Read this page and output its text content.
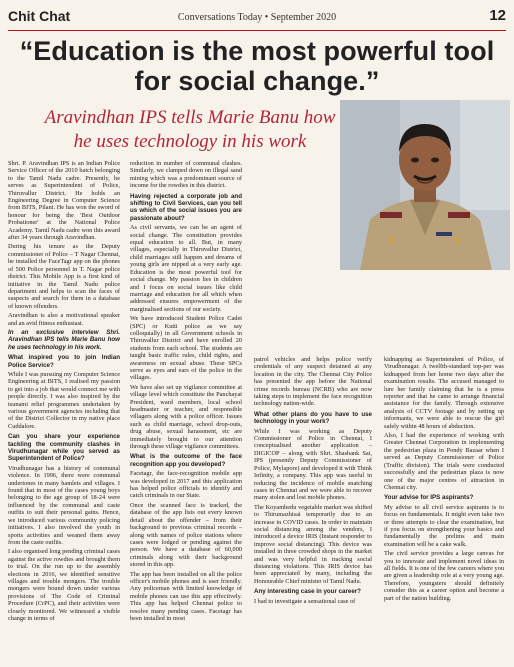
Chit Chat	Conversations Today • September 2020	12
“Education is the most powerful tool for social change.”
Aravindhan IPS tells Marie Banu how he uses technology in his work

Shri. P. Aravindhan IPS is an Indian Police Service Officer of the 2010 batch belonging to the Tamil Nadu cadre. Presently, he serves as Superintendent of Police, Thiruvallur District. He holds an Engineering Degree in Computer Science from BITS, Pilani. He has won the sword of honour for being the 'Best Outdoor Probationer' at the National Police Academy. Tamil Nadu cadre won this award after 34 years through Aravindhan.

During his tenure as the Deputy commissioner of Police – T Nagar Chennai, he installed the FaceTagr app on the phones of 500 Police personnel in T. Nagar police district. This Mobile App is a first kind of initiative in the Tamil Nadu police department and helps to scan the faces of suspects and search for them in a database of known offenders.

Aravindhan is also a motivational speaker and an avid fitness enthusiast.

In an exclusive interview Shri. Aravindhan IPS tells Marie Banu how he uses technology in his work.

What inspired you to join Indian Police Service?

While I was pursuing my Computer Science Engineering at BITS, I realised my passion to get into a job that would connect me with people directly. I was also inspired by the tsunami relief programmes undertaken by various government agencies including that of the District Collector in my native place Cuddalore.

Can you share your experience tackling the community clashes in Virudhunagar while you served as Superintendent of Police?

Virudhunagar has a history of communal violence. In 1996, there were communal undertones in many hamlets and villages. I found that in most of the cases young boys belonging to the age group of 18-24 were influenced by the communal and caste outfits to suit their personal gains. Hence, we introduced various community policing initiatives. I also involved the youth in sports activities and weaned them away from the caste outfits.

I also organised long pending criminal cases against the active rowdies and brought them to trial. On the run up to the assembly elections in 2016, we identified sensitive villages and trouble mongers. The trouble mongers were bound down under various provisions of The Code of Criminal Procedure (CrPC), and their activities were closely monitored. We witnessed a visible change in terms of

reduction in number of communal clashes. Similarly, we clamped down on illegal sand mining which was a predominant source of income for the rowdies in this district.

Having rejected a corporate job and shifting to Civil Services, can you tell us which of the social issues you are passionate about?

As civil servants, we can be an agent of social change. The constitution provides equal education to all. But, in many villages, especially in Thiruvallur District, child marriages still happen and dreams of young girls are nipped at a very early age. Education is the most powerful tool for social change. My passion lies in children and I focus on social issues like child marriage and education for all which when addressed ensures empowerment of the marginalised sections of our society.

We have introduced Student Police Cadet (SPC) or Kutti police as we say colloquially) in all Government schools in Thiruvallur District and have enrolled 20 students from each school. The students are taught basic traffic rules, child rights, and awareness on sexual abuse. These SPCs serve as eyes and ears of the police in the villages.

We have also set up vigilance committee at village level which constitute the Panchayat President, ward members, local school headmaster or teacher, and responsible villagers along with a police officer. Issues such as child marriage, school drop-outs, drug abuse, sexual harassment, etc are immediately brought to our attention through these village vigilance committees.

What is the outcome of the face recognition app you developed?

Facetagr, the face-recognition mobile app was developed in 2017 and this application has helped police officials to identify and catch criminals in our State.

Once the scanned face is tracked, the database of the app lists out every known detail about the offender – from their background to previous criminal records – along with names of police stations where cases were lodged or pending against the person. We have a database of 60,000 criminals along with their background stored in this app.

The app has been installed on all the police officer's mobile phones and is user friendly. Any policeman with limited knowledge of mobile phones can use this app effectively. This app has helped Chennai police to resolve many pending cases. Facetagr has been installed in most

patrol vehicles and helps police verify credentials of any suspect detained at any location in the city. The Chennai City Police has presented the app before the National crime records bureau (NCRB) who are now taking steps to implement the face recognition technology nation-wide.

What other plans do you have to use technology in your work?

While I was working as Deputy Commissioner of Police in Chennai, I conceptualised another application – DIGICOP – along with Shri. Shashank Sai, IPS (presently Deputy Commissioner of Police, Mylapore) and developed it with Think Infinity, a company. This app was useful in reducing the incidence of mobile snatching cases in Chennai and we were able to recover many stolen and lost mobile phones.

The Koyambedu vegetable market was shifted to Thirumazhisai temporarily due to an increase in COVID cases. In order to maintain social distancing among the vendors, I introduced a device IRIS (Instant responder to improve social distancing). This device was installed in three crowded shops in the market and was very helpful in tracking social distancing violations. This IRIS device has been appreciated by many, including the Honourable Chief minister of Tamil Nadu.

Any interesting case in your career?

I had to investigate a sensational case of

kidnapping as Superintendent of Police, of Virudhunagar. A twelfth-standard top-per was kidnapped from her home two days after the examination results. The accused managed to lure her family claiming that he is a press reporter and that he came to arrange financial assistance for the family. Through extensive analysis of CCTV footage and by setting up informants, we were able to rescue the girl safely within 48 hours of abduction.

Also, I had the experience of working with Greater Chennai Corporation in implementing the pedestrian plaza in Pondy Bazaar when I served as Deputy Commissioner of Police (Traffic division). The trials were conducted successfully and the pedestrian plaza is now one of the major centres of attraction in Chennai city.

Your advise for IPS aspirants?

My advise to all civil service aspirants is to focus on fundamentals. It might even take two or three attempts to clear the examination, but if you focus on strengthening your basics and fundamentally the prelims and main examination will be a cake walk.

The civil service provides a large canvas for you to innovate and implement novel ideas in all fields. It is one of the few careers where you are given a leadership role at a very young age. Therefore, youngsters should definitely consider this as a career option and become a part of the nation building.
